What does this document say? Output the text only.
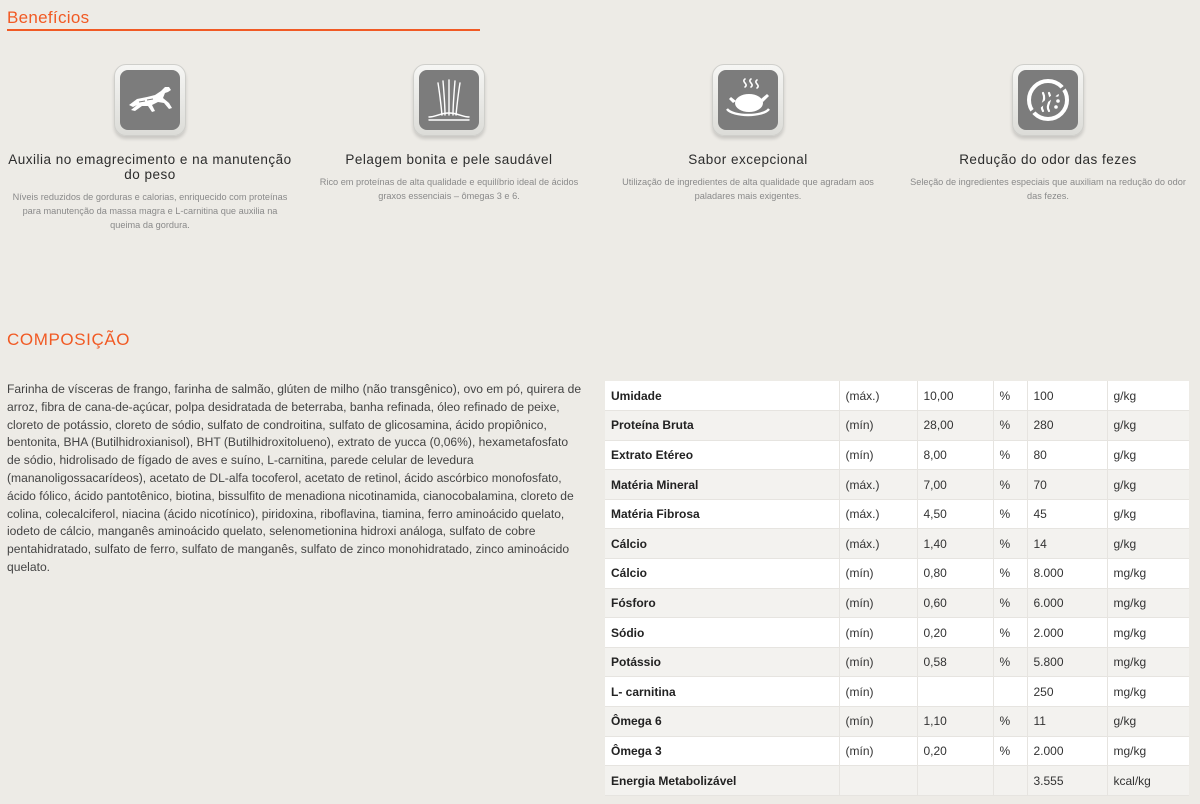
Benefícios
Auxilia no emagrecimento e na manutenção do peso
Níveis reduzidos de gorduras e calorias, enriquecido com proteínas para manutenção da massa magra e L-carnitina que auxilia na queima da gordura.
Pelagem bonita e pele saudável
Rico em proteínas de alta qualidade e equilíbrio ideal de ácidos graxos essenciais – ômegas 3 e 6.
Sabor excepcional
Utilização de ingredientes de alta qualidade que agradam aos paladares mais exigentes.
Redução do odor das fezes
Seleção de ingredientes especiais que auxiliam na redução do odor das fezes.
COMPOSIÇÃO
Farinha de vísceras de frango, farinha de salmão, glúten de milho (não transgênico), ovo em pó, quirera de arroz, fibra de cana-de-açúcar, polpa desidratada de beterraba, banha refinada, óleo refinado de peixe, cloreto de potássio, cloreto de sódio, sulfato de condroitina, sulfato de glicosamina, ácido propiônico, bentonita, BHA (Butilhidroxianisol), BHT (Butilhidroxitolueno), extrato de yucca (0,06%), hexametafosfato de sódio, hidrolisado de fígado de aves e suíno, L-carnitina, parede celular de levedura (mananoligossacarídeos), acetato de DL-alfa tocoferol, acetato de retinol, ácido ascórbico monofosfato, ácido fólico, ácido pantotênico, biotina, bissulfito de menadiona nicotinamida, cianocobalamina, cloreto de colina, colecalciferol, niacina (ácido nicotínico), piridoxina, riboflavina, tiamina, ferro aminoácido quelato, iodeto de cálcio, manganês aminoácido quelato, selenometionina hidroxi análoga, sulfato de cobre pentahidratado, sulfato de ferro, sulfato de manganês, sulfato de zinco monohidratado, zinco aminoácido quelato.
Umidade	(máx.)	10,00	%	100	g/kg
Proteína Bruta	(mín)	28,00	%	280	g/kg
Extrato Etéreo	(mín)	8,00	%	80	g/kg
Matéria Mineral	(máx.)	7,00	%	70	g/kg
Matéria Fibrosa	(máx.)	4,50	%	45	g/kg
Cálcio	(máx.)	1,40	%	14	g/kg
Cálcio	(mín)	0,80	%	8.000	mg/kg
Fósforo	(mín)	0,60	%	6.000	mg/kg
Sódio	(mín)	0,20	%	2.000	mg/kg
Potássio	(mín)	0,58	%	5.800	mg/kg
L- carnitina	(mín)			250	mg/kg
Ômega 6	(mín)	1,10	%	11	g/kg
Ômega 3	(mín)	0,20	%	2.000	mg/kg
Energia Metabolizável				3.555	kcal/kg
